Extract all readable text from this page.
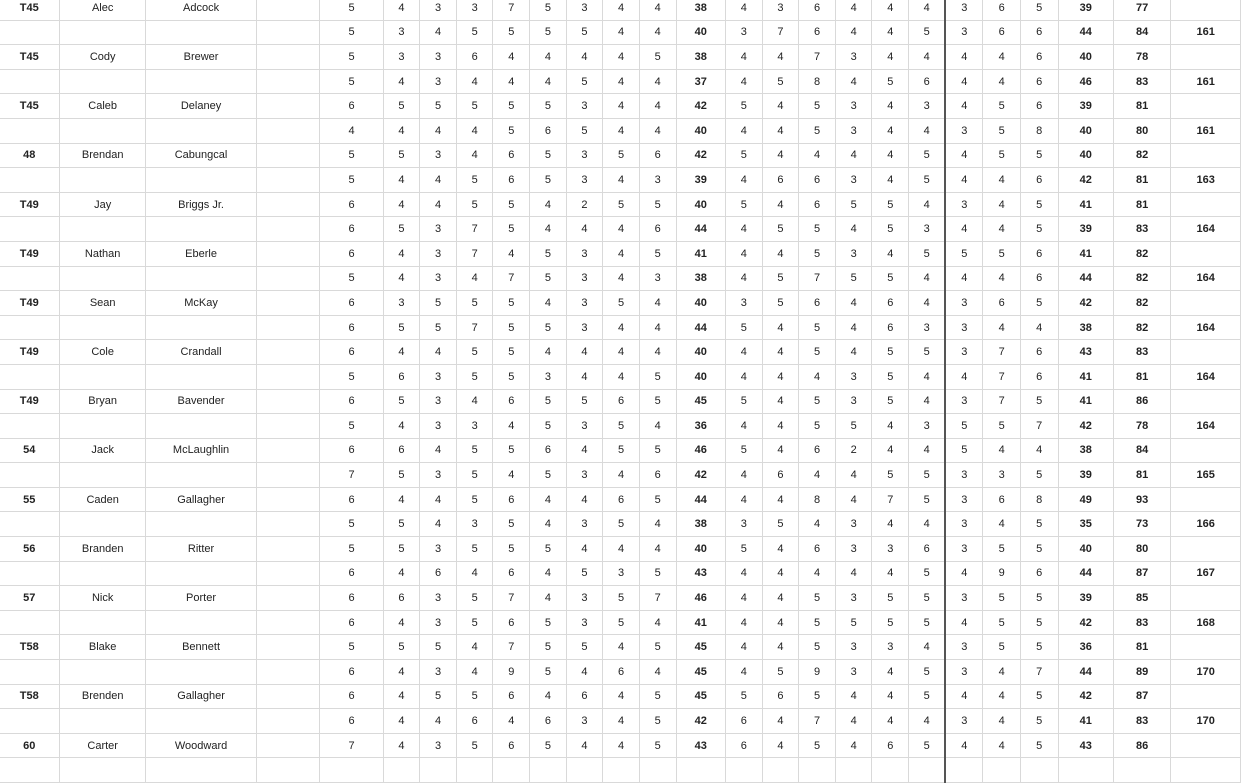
T45	Alec	Adcock		5	4	3	3	7	5	3	4	4	38	4	3	6	4	4	4	3	6	5	39	77	
				5	3	4	5	5	5	5	4	4	40	3	7	6	4	4	5	3	6	6	44	84	161
T45	Cody	Brewer		5	3	3	6	4	4	4	4	5	38	4	4	7	3	4	4	4	4	6	40	78	
				5	4	3	4	4	4	5	4	4	37	4	5	8	4	5	6	4	4	6	46	83	161
T45	Caleb	Delaney		6	5	5	5	5	5	3	4	4	42	5	4	5	3	4	3	4	5	6	39	81	
				4	4	4	4	5	6	5	4	4	40	4	4	5	3	4	4	3	5	8	40	80	161
48	Brendan	Cabungcal		5	5	3	4	6	5	3	5	6	42	5	4	4	4	4	5	4	5	5	40	82	
				5	4	4	5	6	5	3	4	3	39	4	6	6	3	4	5	4	4	6	42	81	163
T49	Jay	Briggs Jr.		6	4	4	5	5	4	2	5	5	40	5	4	6	5	5	4	3	4	5	41	81	
				6	5	3	7	5	4	4	4	6	44	4	5	5	4	5	3	4	4	5	39	83	164
T49	Nathan	Eberle		6	4	3	7	4	5	3	4	5	41	4	4	5	3	4	5	5	5	6	41	82	
				5	4	3	4	7	5	3	4	3	38	4	5	7	5	5	4	4	4	6	44	82	164
T49	Sean	McKay		6	3	5	5	5	4	3	5	4	40	3	5	6	4	6	4	3	6	5	42	82	
				6	5	5	7	5	5	3	4	4	44	5	4	5	4	6	3	3	4	4	38	82	164
T49	Cole	Crandall		6	4	4	5	5	4	4	4	4	40	4	4	5	4	5	5	3	7	6	43	83	
				5	6	3	5	5	3	4	4	5	40	4	4	4	3	5	4	4	7	6	41	81	164
T49	Bryan	Bavender		6	5	3	4	6	5	5	6	5	45	5	4	5	3	5	4	3	7	5	41	86	
				5	4	3	3	4	5	3	5	4	36	4	4	5	5	4	3	5	5	7	42	78	164
54	Jack	McLaughlin		6	6	4	5	5	6	4	5	5	46	5	4	6	2	4	4	5	4	4	38	84	
				7	5	3	5	4	5	3	4	6	42	4	6	4	4	5	5	3	3	5	39	81	165
55	Caden	Gallagher		6	4	4	5	6	4	4	6	5	44	4	4	8	4	7	5	3	6	8	49	93	
				5	5	4	3	5	4	3	5	4	38	3	5	4	3	4	4	3	4	5	35	73	166
56	Branden	Ritter		5	5	3	5	5	5	4	4	4	40	5	4	6	3	3	6	3	5	5	40	80	
				6	4	6	4	6	4	5	3	5	43	4	4	4	4	4	5	4	9	6	44	87	167
57	Nick	Porter		6	6	3	5	7	4	3	5	7	46	4	4	5	3	5	5	3	5	5	39	85	
				6	4	3	5	6	5	3	5	4	41	4	4	5	5	5	5	4	5	5	42	83	168
T58	Blake	Bennett		5	5	5	4	7	5	5	4	5	45	4	4	5	3	3	4	3	5	5	36	81	
				6	4	3	4	9	5	4	6	4	45	4	5	9	3	4	5	3	4	7	44	89	170
T58	Brenden	Gallagher		6	4	5	5	6	4	6	4	5	45	5	6	5	4	4	5	4	4	5	42	87	
				6	4	4	6	4	6	3	4	5	42	6	4	7	4	4	4	3	4	5	41	83	170
60	Carter	Woodward		7	4	3	5	6	5	4	4	5	43	6	4	5	4	6	5	4	4	5	43	86	
